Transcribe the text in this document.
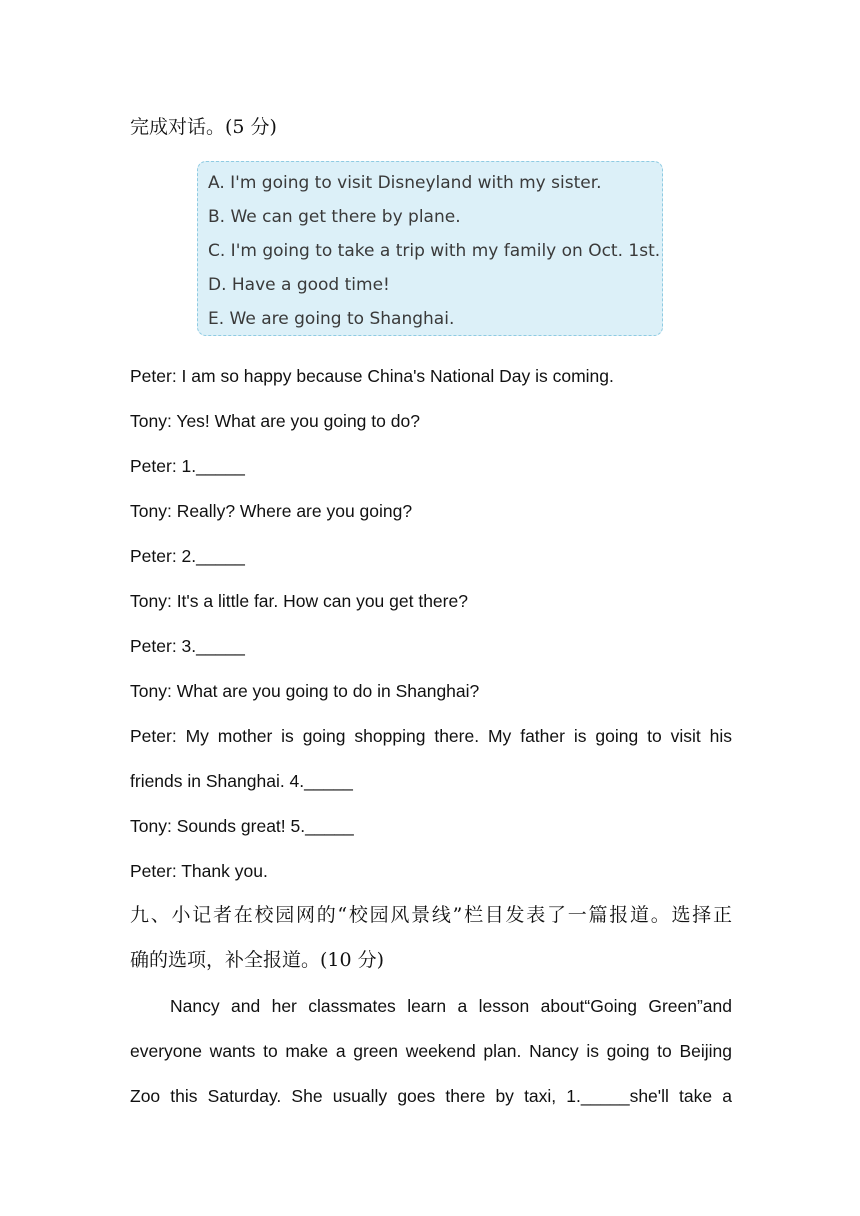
完成对话。(5 分)
A. I'm going to visit Disneyland with my sister.
B. We can get there by plane.
C. I'm going to take a trip with my family on Oct. 1st.
D. Have a good time!
E. We are going to Shanghai.
Peter: I am so happy because China's National Day is coming.
Tony: Yes! What are you going to do?
Peter: 1._____
Tony: Really? Where are you going?
Peter: 2._____
Tony: It's a little far. How can you get there?
Peter: 3._____
Tony: What are you going to do in Shanghai?
Peter: My mother is going shopping there. My father is going to visit his
friends in Shanghai. 4._____
Tony: Sounds great! 5._____
Peter: Thank you.
九、小记者在校园网的“校园风景线”栏目发表了一篇报道。选择正
确的选项，补全报道。(10 分)
Nancy and her classmates learn a lesson about“Going Green”and
everyone wants to make a green weekend plan. Nancy is going to Beijing
Zoo this Saturday. She usually goes there by taxi, 1._____she'll take a
